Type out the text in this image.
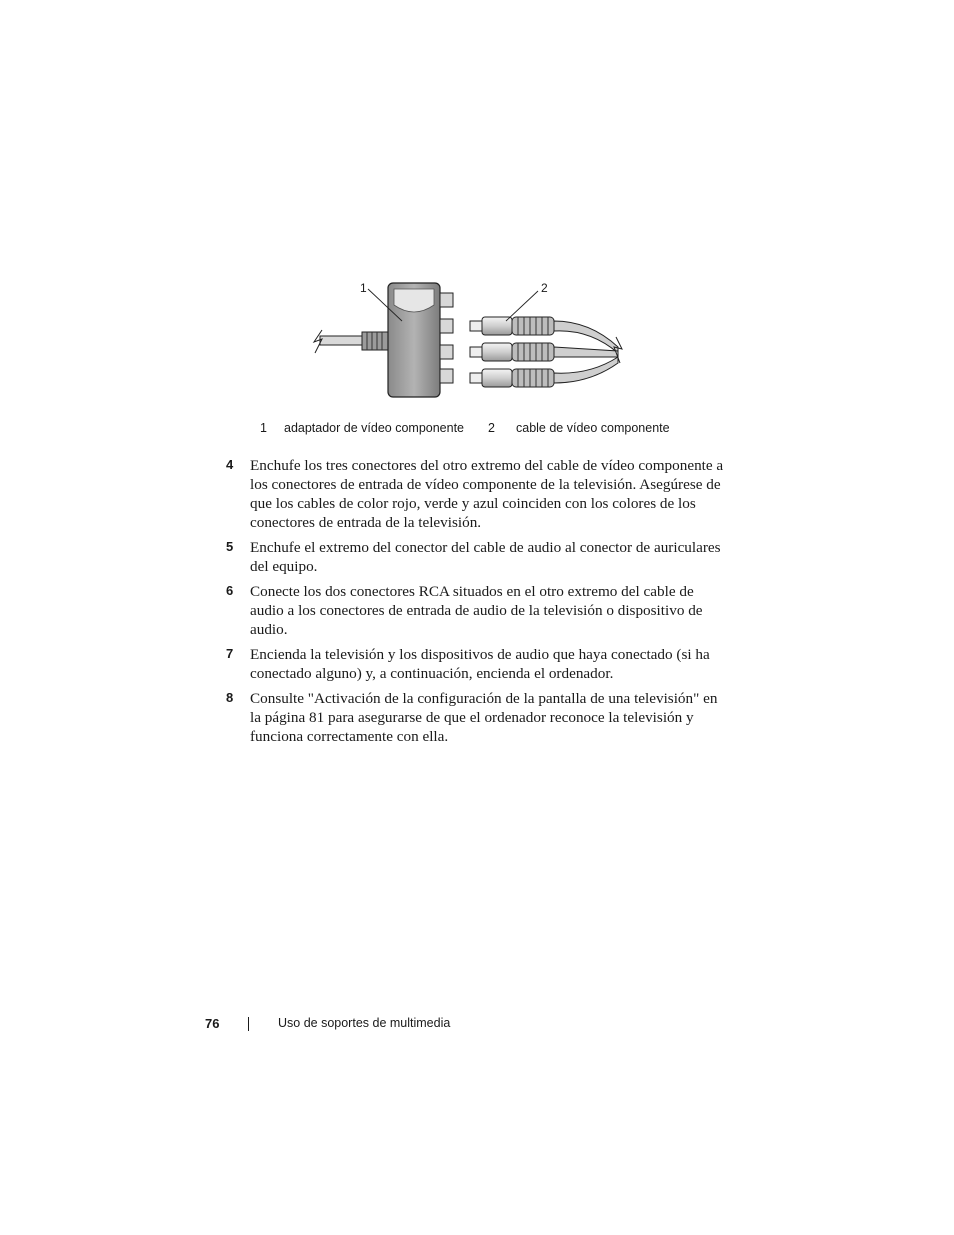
1	2
1 adaptador de vídeo componente 2 cable de vídeo componente
4 Enchufe los tres conectores del otro extremo del cable de vídeo componente a los conectores de entrada de vídeo componente de la televisión. Asegúrese de que los cables de color rojo, verde y azul coinciden con los colores de los conectores de entrada de la televisión.
5 Enchufe el extremo del conector del cable de audio al conector de auriculares del equipo.
6 Conecte los dos conectores RCA situados en el otro extremo del cable de audio a los conectores de entrada de audio de la televisión o dispositivo de audio.
7 Encienda la televisión y los dispositivos de audio que haya conectado (si ha conectado alguno) y, a continuación, encienda el ordenador.
8 Consulte "Activación de la configuración de la pantalla de una televisión" en la página 81 para asegurarse de que el ordenador reconoce la televisión y funciona correctamente con ella.
76	Uso de soportes de multimedia
